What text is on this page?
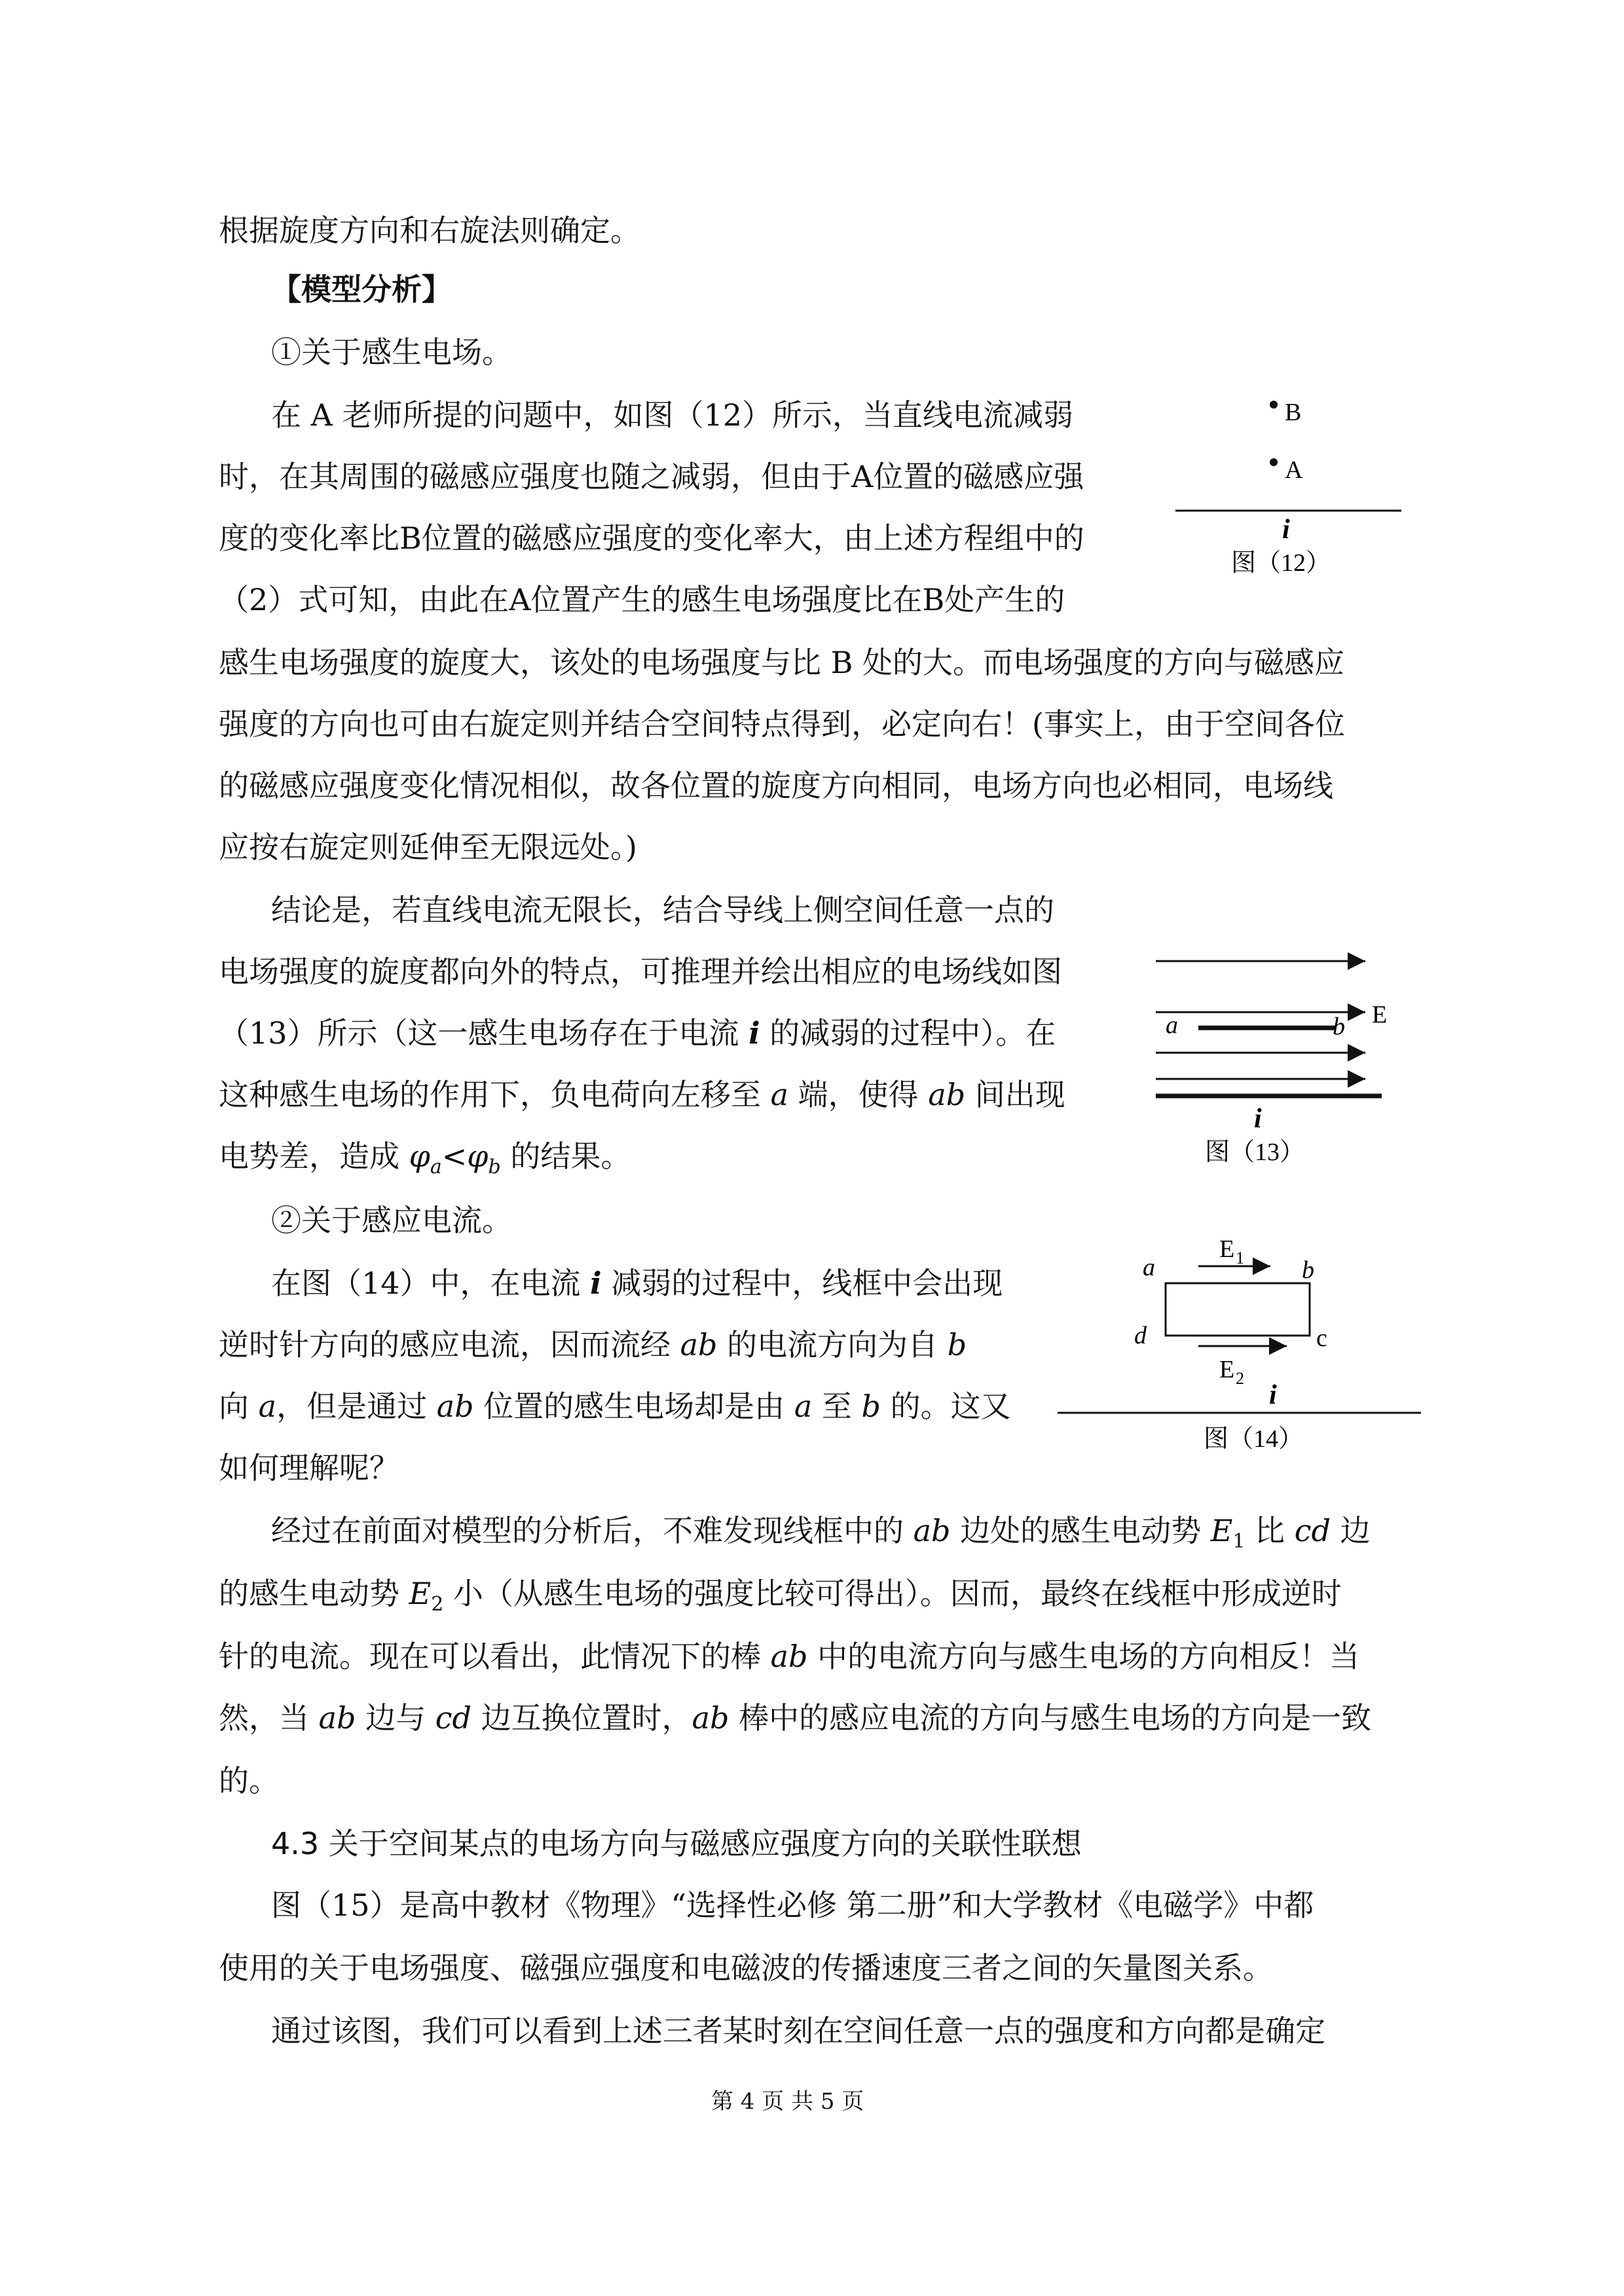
根据旋度方向和右旋法则确定。
【模型分析】
①关于感生电场。
在 A 老师所提的问题中，如图（12）所示，当直线电流减弱
时，在其周围的磁感应强度也随之减弱，但由于A位置的磁感应强
度的变化率比B位置的磁感应强度的变化率大，由上述方程组中的
（2）式可知，由此在A位置产生的感生电场强度比在B处产生的
感生电场强度的旋度大，该处的电场强度与比 B 处的大。而电场强度的方向与磁感应
强度的方向也可由右旋定则并结合空间特点得到，必定向右！(事实上，由于空间各位
的磁感应强度变化情况相似，故各位置的旋度方向相同，电场方向也必相同，电场线
应按右旋定则延伸至无限远处。)
结论是，若直线电流无限长，结合导线上侧空间任意一点的
电场强度的旋度都向外的特点，可推理并绘出相应的电场线如图
（13）所示（这一感生电场存在于电流 i 的减弱的过程中）。在
这种感生电场的作用下，负电荷向左移至 a 端，使得 ab 间出现
电势差，造成 $\varphi_a<\varphi_b$ 的结果。
②关于感应电流。
在图（14）中，在电流 i 减弱的过程中，线框中会出现
逆时针方向的感应电流，因而流经 ab 的电流方向为自 b
向 a，但是通过 ab 位置的感生电场却是由 a 至 b 的。这又
如何理解呢？
经过在前面对模型的分析后，不难发现线框中的 ab 边处的感生电动势 $E_1$ 比 cd 边
的感生电动势 $E_2$ 小（从感生电场的强度比较可得出）。因而，最终在线框中形成逆时
针的电流。现在可以看出，此情况下的棒 ab 中的电流方向与感生电场的方向相反！当
然，当 ab 边与 cd 边互换位置时，ab 棒中的感应电流的方向与感生电场的方向是一致
的。
4.3 关于空间某点的电场方向与磁感应强度方向的关联性联想
图（15）是高中教材《物理》“选择性必修 第二册”和大学教材《电磁学》中都
使用的关于电场强度、磁强应强度和电磁波的传播速度三者之间的矢量图关系。
通过该图，我们可以看到上述三者某时刻在空间任意一点的强度和方向都是确定
第 4 页 共 5 页
B
A
i
图（12）
a	b E
i
图（13）
E 1
a	b
d	c
E 2
i
图（14）
